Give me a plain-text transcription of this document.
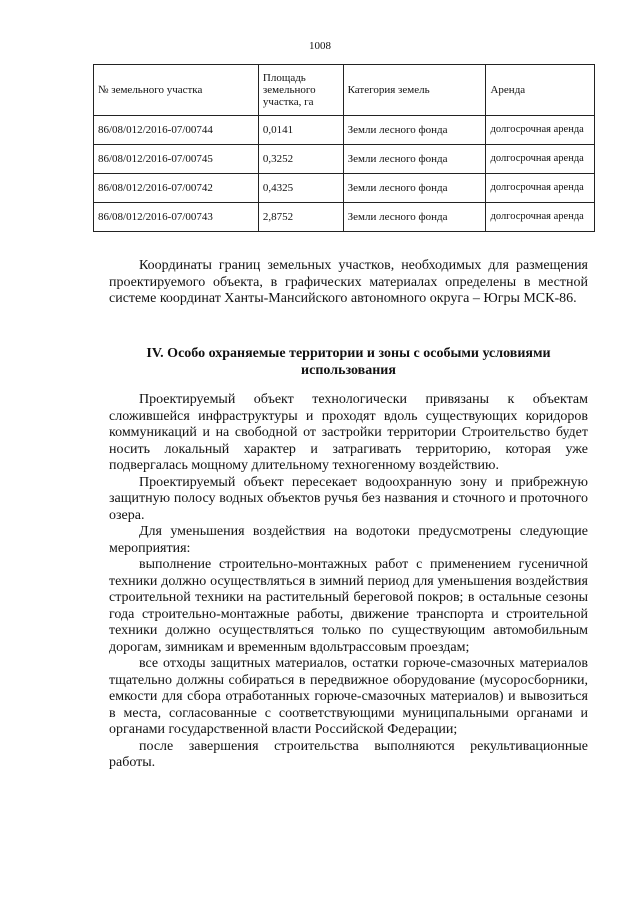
1008
№ земельного участка	Площадь земельного участка, га	Категория земель	Аренда
86/08/012/2016-07/00744	0,0141	Земли лесного фонда	долгосрочная аренда
86/08/012/2016-07/00745	0,3252	Земли лесного фонда	долгосрочная аренда
86/08/012/2016-07/00742	0,4325	Земли лесного фонда	долгосрочная аренда
86/08/012/2016-07/00743	2,8752	Земли лесного фонда	долгосрочная аренда

Координаты границ земельных участков, необходимых для размещения проектируемого объекта, в графических материалах определены в местной системе координат Ханты-Мансийского автономного округа – Югры МСК-86.

IV. Особо охраняемые территории и зоны с особыми условиями использования

Проектируемый объект технологически привязаны к объектам сложившейся инфраструктуры и проходят вдоль существующих коридоров коммуникаций и на свободной от застройки территории Строительство будет носить локальный характер и затрагивать территорию, которая уже подвергалась мощному длительному техногенному воздействию.

Проектируемый объект пересекает водоохранную зону и прибрежную защитную полосу водных объектов ручья без названия и сточного и проточного озера.

Для уменьшения воздействия на водотоки предусмотрены следующие мероприятия:

выполнение строительно-монтажных работ с применением гусеничной техники должно осуществляться в зимний период для уменьшения воздействия строительной техники на растительный береговой покров; в остальные сезоны года строительно-монтажные работы, движение транспорта и строительной техники должно осуществляться только по существующим автомобильным дорогам, зимникам и временным вдольтрассовым проездам;

все отходы защитных материалов, остатки горюче-смазочных материалов тщательно должны собираться в передвижное оборудование (мусоросборники, емкости для сбора отработанных горюче-смазочных материалов) и вывозиться в места, согласованные с соответствующими муниципальными органами и органами государственной власти Российской Федерации;

после завершения строительства выполняются рекультивационные работы.
